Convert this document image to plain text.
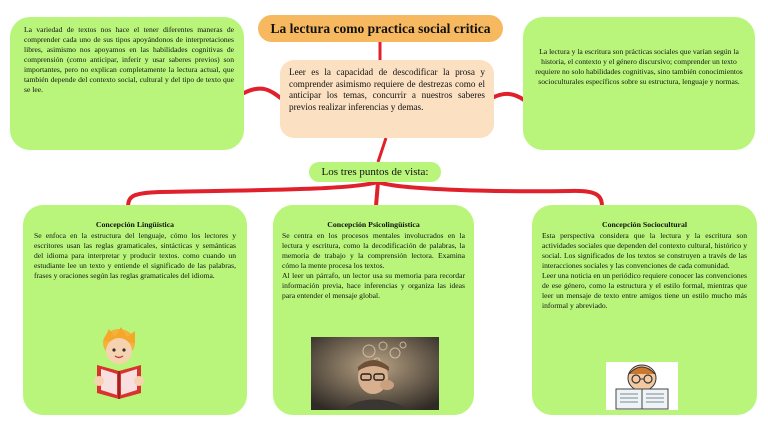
La variedad de textos nos hace el tener diferentes maneras de comprender cada uno de sus tipos apoyándonos de interpretaciones libres, asimismo nos apoyamos en las habilidades cognitivas de comprensión (como anticipar, inferir y usar saberes previos) son importantes, pero no explican completamente la lectura actual, que también depende del contexto social, cultural y del tipo de texto que se lee.
La lectura como practica social critica
Leer es la capacidad de descodificar la prosa y comprender asimismo requiere de destrezas como el anticipar los temas, concurrir a nuestros saberes previos realizar inferencias y demas.
La lectura y la escritura son prácticas sociales que varían según la historia, el contexto y el género discursivo; comprender un texto requiere no solo habilidades cognitivas, sino también conocimientos socioculturales específicos sobre su estructura, lenguaje y normas.
Los tres puntos de vista:
Concepción Lingüística
Se enfoca en la estructura del lenguaje, cómo los lectores y escritores usan las reglas gramaticales, sintácticas y semánticas del idioma para interpretar y producir textos. como cuando un estudiante lee un texto y entiende el significado de las palabras, frases y oraciones según las reglas gramaticales del idioma.
Concepción Psicolingüística
Se centra en los procesos mentales involucrados en la lectura y escritura, como la decodificación de palabras, la memoria de trabajo y la comprensión lectora. Examina cómo la mente procesa los textos.
Al leer un párrafo, un lector usa su memoria para recordar información previa, hace inferencias y organiza las ideas para entender el mensaje global.
Concepción Sociocultural
Esta perspectiva considera que la lectura y la escritura son actividades sociales que dependen del contexto cultural, histórico y social. Los significados de los textos se construyen a través de las interacciones sociales y las convenciones de cada comunidad.
Leer una noticia en un periódico requiere conocer las convenciones de ese género, como la estructura y el estilo formal, mientras que leer un mensaje de texto entre amigos tiene un estilo mucho más informal y abreviado.
